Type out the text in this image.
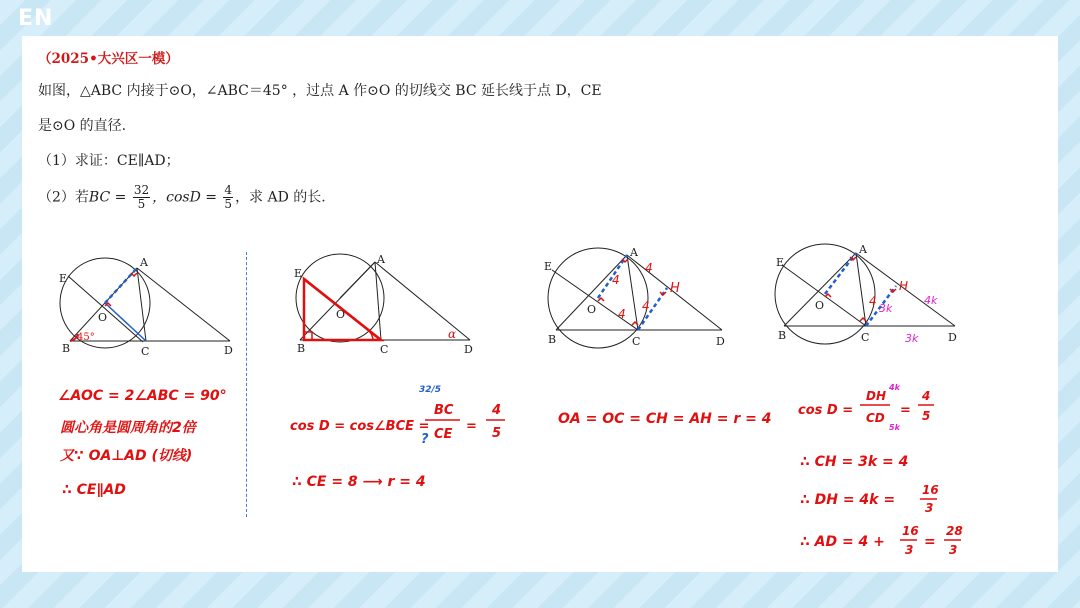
EN
（2025•大兴区一模）
如图，△ABC 内接于⊙O，∠ABC＝45° ，过点 A 作⊙O 的切线交 BC 延长线于点 D，CE
是⊙O 的直径.
（1）求证：CE∥AD；
（2）若BC = $\frac{32}{5}$ ，$\cos D = \frac{4}{5}$ ，求 AD 的长.
E
A
O
B	C	D
45°
E
A
O
B	C	D
α
E
A
O
B	C	D
H
4
4
4
4
E
A
O
B	C	D
H
4
3k
4k
3k
∠AOC = 2∠ABC = 90°
圆心角是圆周角的2倍
又∵ OA⊥AD (切线)
∴ CE∥AD
cos D = cos∠BCE =
BC
CE
32/5
?
=
4
5
∴ CE = 8 ⟶ r = 4
OA = OC = CH = AH = r = 4
cos D =
DH
CD
4k
5k
=
4
5
∴ CH = 3k = 4
∴ DH = 4k =
16
3
∴ AD = 4 +
16
3 =
28
3
